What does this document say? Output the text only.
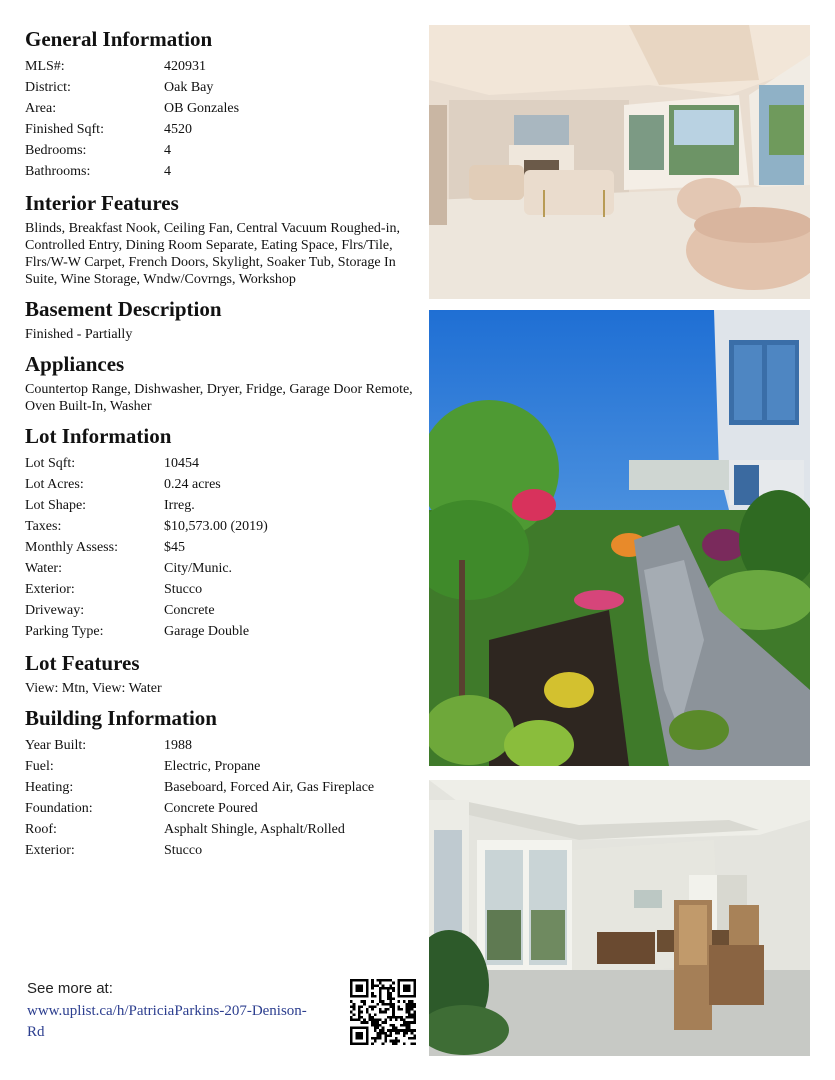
General Information
MLS#:	420931
District:	Oak Bay
Area:	OB Gonzales
Finished Sqft:	4520
Bedrooms:	4
Bathrooms:	4
Interior Features
Blinds, Breakfast Nook, Ceiling Fan, Central Vacuum Roughed-in, Controlled Entry, Dining Room Separate, Eating Space, Flrs/Tile, Flrs/W-W Carpet, French Doors, Skylight, Soaker Tub, Storage In Suite, Wine Storage, Wndw/Covrngs, Workshop
Basement Description
Finished - Partially
Appliances
Countertop Range, Dishwasher, Dryer, Fridge, Garage Door Remote, Oven Built-In, Washer
Lot Information
Lot Sqft:	10454
Lot Acres:	0.24 acres
Lot Shape:	Irreg.
Taxes:	$10,573.00 (2019)
Monthly Assess:	$45
Water:	City/Munic.
Exterior:	Stucco
Driveway:	Concrete
Parking Type:	Garage Double
Lot Features
View: Mtn, View: Water
Building Information
Year Built:	1988
Fuel:	Electric, Propane
Heating:	Baseboard, Forced Air, Gas Fireplace
Foundation:	Concrete Poured
Roof:	Asphalt Shingle, Asphalt/Rolled
Exterior:	Stucco
See more at:
www.uplist.ca/h/PatriciaParkins-207-Denison-Rd
